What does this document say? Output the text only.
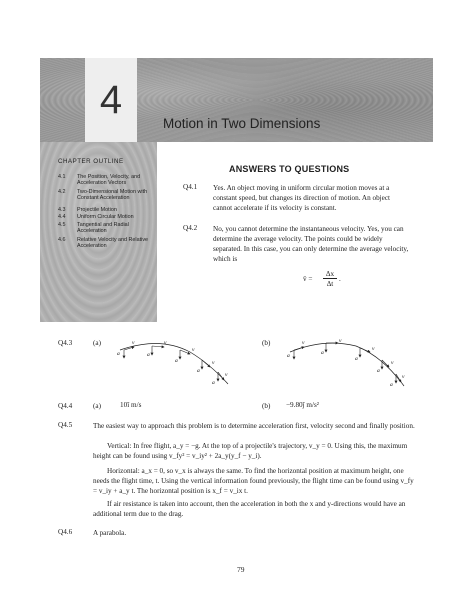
4
Motion in Two Dimensions
CHAPTER OUTLINE
4.1	The Position, Velocity, and Acceleration Vectors
4.2	Two-Dimensional Motion with Constant Acceleration
4.3	Projectile Motion
4.4	Uniform Circular Motion
4.5	Tangential and Radial Acceleration
4.6	Relative Velocity and Relative Acceleration
ANSWERS TO QUESTIONS
Q4.1 Yes. An object moving in uniform circular motion moves at a constant speed, but changes its direction of motion. An object cannot accelerate if its velocity is constant.
Q4.2 No, you cannot determine the instantaneous velocity. Yes, you can determine the average velocity. The points could be widely separated. In this case, you can only determine the average velocity, which is
v̄ =
Δx
Δt
.
Q4.3	(a)	(b)
v
a
v
a
v
a	v
a
v
a
v
a
v
a
v
a
v
a
v
a
Q4.4	(a)	10î m/s	(b) −9.80ĵ m/s²
Q4.5	The easiest way to approach this problem is to determine acceleration first, velocity second and finally position.
Vertical: In free flight, a_y = −g. At the top of a projectile's trajectory, v_y = 0. Using this, the maximum height can be found using v_fy² = v_iy² + 2a_y(y_f − y_i).
Horizontal: a_x = 0, so v_x is always the same. To find the horizontal position at maximum height, one needs the flight time, t. Using the vertical information found previously, the flight time can be found using v_fy = v_iy + a_y t. The horizontal position is x_f = v_ix t.
If air resistance is taken into account, then the acceleration in both the x and y-directions would have an additional term due to the drag.
Q4.6	A parabola.
79
